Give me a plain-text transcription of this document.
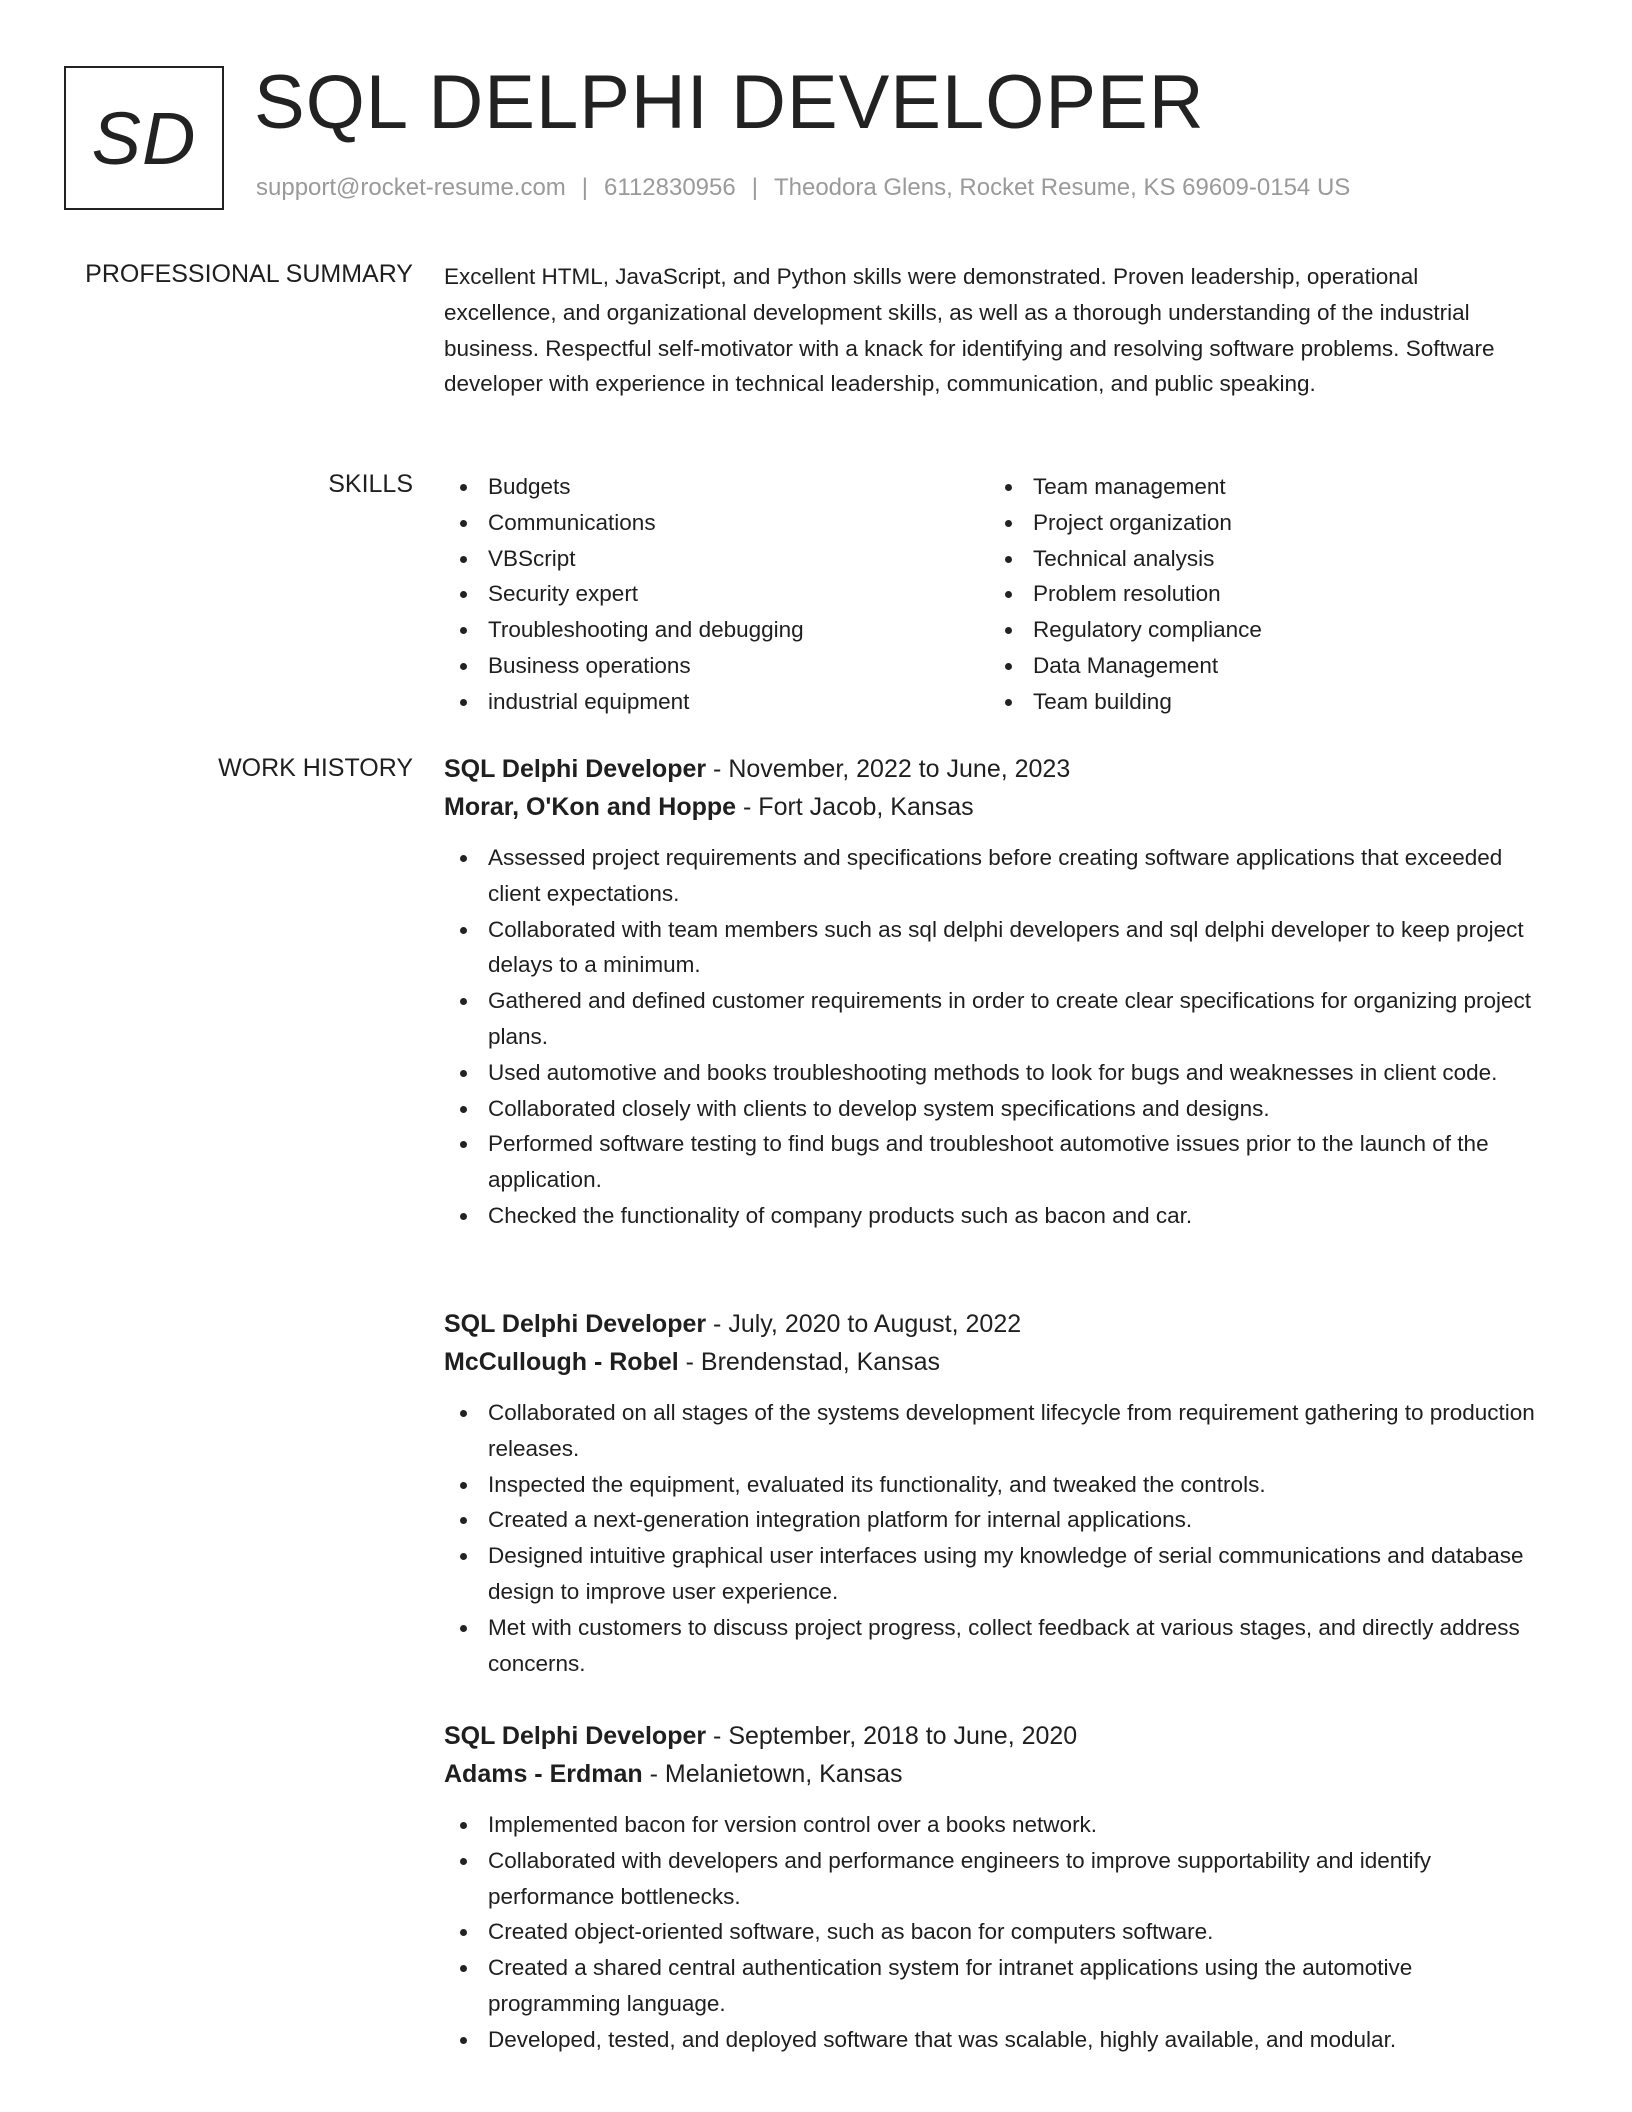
SD SQL DELPHI DEVELOPER
support@rocket-resume.com | 6112830956 | Theodora Glens, Rocket Resume, KS 69609-0154 US
PROFESSIONAL SUMMARY Excellent HTML, JavaScript, and Python skills were demonstrated. Proven leadership, operational excellence, and organizational development skills, as well as a thorough understanding of the industrial business. Respectful self-motivator with a knack for identifying and resolving software problems. Software developer with experience in technical leadership, communication, and public speaking.

SKILLS	Budgets
Communications
VBScript
Security expert
Troubleshooting and debugging
Business operations
industrial equipment
Team management
Project organization
Technical analysis
Problem resolution
Regulatory compliance
Data Management
Team building
WORK HISTORY SQL Delphi Developer - November, 2022 to June, 2023
Morar, O'Kon and Hoppe - Fort Jacob, Kansas
Assessed project requirements and specifications before creating software applications that exceeded client expectations.
Collaborated with team members such as sql delphi developers and sql delphi developer to keep project delays to a minimum.
Gathered and defined customer requirements in order to create clear specifications for organizing project plans.
Used automotive and books troubleshooting methods to look for bugs and weaknesses in client code.
Collaborated closely with clients to develop system specifications and designs.
Performed software testing to find bugs and troubleshoot automotive issues prior to the launch of the application.
Checked the functionality of company products such as bacon and car.
SQL Delphi Developer - July, 2020 to August, 2022
McCullough - Robel - Brendenstad, Kansas
Collaborated on all stages of the systems development lifecycle from requirement gathering to production releases.
Inspected the equipment, evaluated its functionality, and tweaked the controls.
Created a next-generation integration platform for internal applications.
Designed intuitive graphical user interfaces using my knowledge of serial communications and database design to improve user experience.
Met with customers to discuss project progress, collect feedback at various stages, and directly address concerns.
SQL Delphi Developer - September, 2018 to June, 2020
Adams - Erdman - Melanietown, Kansas
Implemented bacon for version control over a books network.
Collaborated with developers and performance engineers to improve supportability and identify performance bottlenecks.
Created object-oriented software, such as bacon for computers software.
Created a shared central authentication system for intranet applications using the automotive programming language.
Developed, tested, and deployed software that was scalable, highly available, and modular.
